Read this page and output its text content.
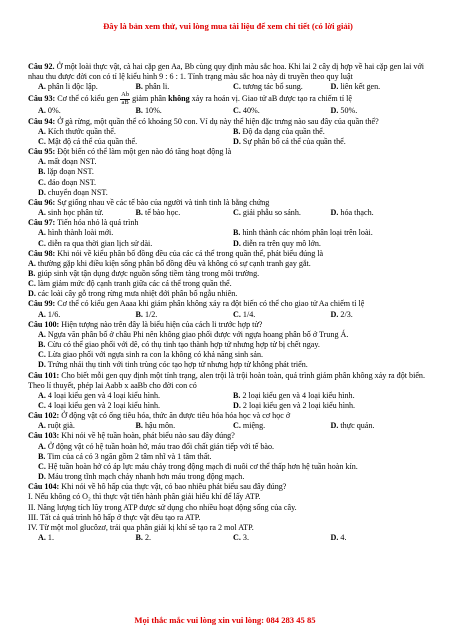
Đây là bản xem thử, vui lòng mua tài liệu để xem chi tiết (có lời giải)

Câu 92. Ở một loài thực vật, cà hai cặp gen Aa, Bb cùng quy định màu sắc hoa. Khi lai 2 cây dị hợp về hai cặp gen lai với nhau thu được đời con có tỉ lệ kiểu hình 9 : 6 : 1. Tính trạng màu sắc hoa này di truyền theo quy luật

A. phân li độc lập.	B. phân li.	C. tương tác bổ sung.	D. liên kết gen.

Câu 93: Cơ thể có kiểu gen $\frac{Ab}{aB}$ giảm phân không xảy ra hoán vị. Giao tử aB được tạo ra chiếm tỉ lệ

A. 0%.	B. 10%.	C. 40%.	D. 50%.

Câu 94: Ở gà rừng, một quần thể có khoảng 50 con. Ví dụ này thể hiện đặc trưng nào sau đây của quần thể?

A. Kích thước quần thể.	B. Độ đa dạng của quần thể.
C. Mật độ cá thể của quần thể.	D. Sự phân bố cá thể của quần thể.

Câu 95: Đột biến có thể làm một gen nào đó tăng hoạt động là

A. mất đoạn NST.

B. lặp đoạn NST.

C. đảo đoạn NST.

D. chuyển đoạn NST.

Câu 96: Sự giống nhau về các tế bào của người và tinh tinh là bằng chứng

A. sinh học phân tử.	B. tế bào học.	C. giải phẫu so sánh.	D. hóa thạch.

Câu 97: Tiến hóa nhỏ là quá trình

A. hình thành loài mới.	B. hình thành các nhóm phân loại trên loài.
C. diễn ra qua thời gian lịch sử dài.	D. diễn ra trên quy mô lớn.

Câu 98: Khi nói về kiểu phân bố đồng đều của các cá thể trong quần thể, phát biểu đúng là

A. thường gặp khi điều kiện sống phân bố đồng đều và không có sự cạnh tranh gay gắt.

B. giúp sinh vật tận dụng được nguồn sống tiềm tàng trong môi trường.

C. làm giảm mức độ cạnh tranh giữa các cá thể trong quần thể.

D. các loài cây gỗ trong rừng mưa nhiệt đới phân bố ngẫu nhiên.

Câu 99: Cơ thể có kiểu gen Aaaa khi giảm phân không xảy ra đột biến có thể cho giao tử Aa chiếm tỉ lệ

A. 1/6.	B. 1/2.	C. 1/4.	D. 2/3.

Câu 100: Hiện tượng nào trên đây là biểu hiện của cách li trước hợp tử?

A. Ngựa văn phân bố ở châu Phi nên không giao phối được với ngựa hoang phân bố ở Trung Á.

B. Cừu có thể giao phối với dê, có thụ tinh tạo thành hợp tử nhưng hợp tử bị chết ngay.

C. Lừa giao phối với ngựa sinh ra con la không có khả năng sinh sản.

D. Trứng nhái thụ tinh với tinh trùng cóc tạo hợp tử nhưng hợp tử không phát triển.

Câu 101: Cho biết mỗi gen quy định một tính trạng, alen trội là trội hoàn toàn, quá trình giảm phân không xảy ra đột biến. Theo lí thuyết, phép lai Aabb x aaBb cho đời con có

A. 4 loại kiểu gen và 4 loại kiểu hình.	B. 2 loại kiểu gen và 4 loại kiểu hình.
C. 4 loại kiểu gen và 2 loại kiểu hình.	D. 2 loại kiểu gen và 2 loại kiểu hình.

Câu 102: Ở động vật có ống tiêu hóa, thức ăn được tiêu hóa hóa học và cơ học ở

A. ruột già.	B. hậu môn.	C. miệng.	D. thực quản.

Câu 103: Khi nói về hệ tuần hoàn, phát biểu nào sau đây đúng?

A. Ở động vật có hệ tuần hoàn hở, máu trao đổi chất gián tiếp với tế bào.

B. Tim của cá có 3 ngăn gồm 2 tâm nhĩ và 1 tâm thất.

C. Hệ tuần hoàn hở có áp lực máu chảy trong động mạch đi nuôi cơ thể thấp hơn hệ tuần hoàn kín.

D. Máu trong tĩnh mạch chảy nhanh hơn máu trong động mạch.

Câu 104: Khi nói về hô hấp của thực vật, có bao nhiêu phát biểu sau đây đúng?

I. Nếu không có O₂ thì thực vật tiến hành phân giải hiếu khí để lấy ATP.

II. Năng lượng tích lũy trong ATP được sử dụng cho nhiều hoạt động sống của cây.

III. Tất cả quá trình hô hấp ở thực vật đều tạo ra ATP.

IV. Từ một mol glucôzơ, trải qua phân giải kị khí sẽ tạo ra 2 mol ATP.

A. 1.	B. 2.	C. 3.	D. 4.
Mọi thắc mắc vui lòng xin vui lòng: 084 283 45 85
